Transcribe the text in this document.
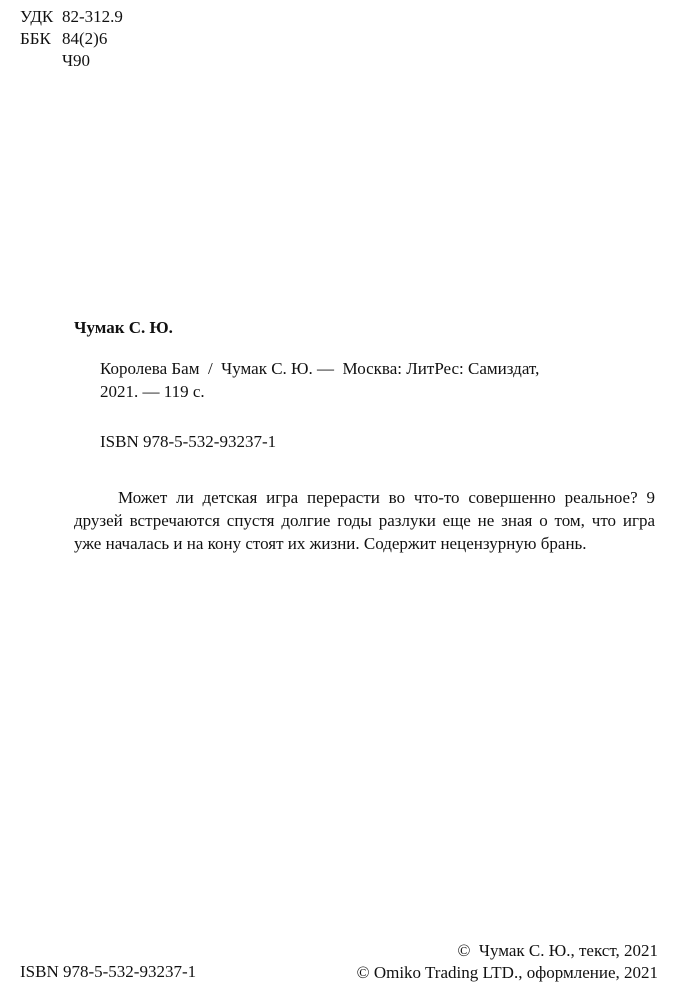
УДК 82-312.9
ББК 84(2)6
Ч90
Чумак С. Ю.
Королева Бам  /  Чумак С. Ю. —  Москва: ЛитРес: Самиздат,
2021. — 119 с.
ISBN 978-5-532-93237-1
Может ли детская игра перерасти во что-то совершенно реальное? 9 друзей встречаются спустя долгие годы разлуки еще не зная о том, что игра уже началась и на кону стоят их жизни. Содержит нецензурную брань.
ISBN 978-5-532-93237-1
©  Чумак С. Ю., текст, 2021
© Omiko Trading LTD., оформление, 2021
